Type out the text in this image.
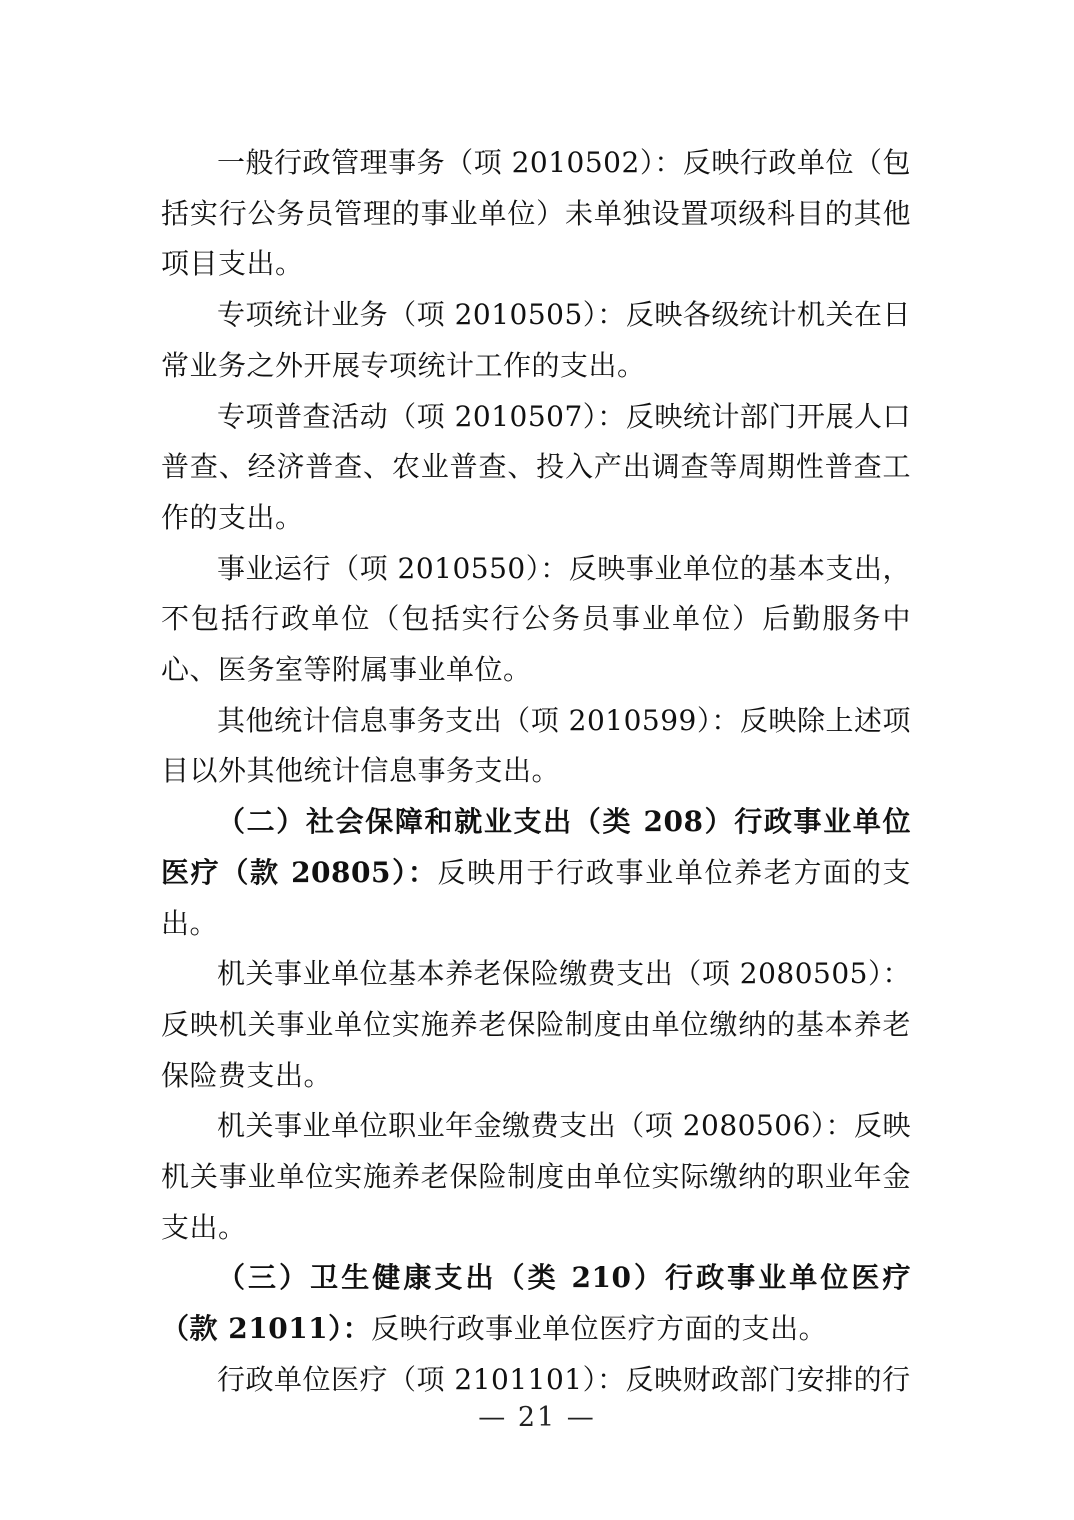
一般行政管理事务（项 2010502）：反映行政单位（包括实行公务员管理的事业单位）未单独设置项级科目的其他项目支出。

专项统计业务（项 2010505）：反映各级统计机关在日常业务之外开展专项统计工作的支出。

专项普查活动（项 2010507）：反映统计部门开展人口普查、经济普查、农业普查、投入产出调查等周期性普查工作的支出。

事业运行（项 2010550）：反映事业单位的基本支出，不包括行政单位（包括实行公务员事业单位）后勤服务中心、医务室等附属事业单位。

其他统计信息事务支出（项 2010599）：反映除上述项目以外其他统计信息事务支出。

（二）社会保障和就业支出（类 208）行政事业单位医疗（款 20805）：反映用于行政事业单位养老方面的支出。

机关事业单位基本养老保险缴费支出（项 2080505）：反映机关事业单位实施养老保险制度由单位缴纳的基本养老保险费支出。

机关事业单位职业年金缴费支出（项 2080506）：反映机关事业单位实施养老保险制度由单位实际缴纳的职业年金支出。

（三）卫生健康支出（类 210）行政事业单位医疗（款 21011）：反映行政事业单位医疗方面的支出。

行政单位医疗（项 2101101）：反映财政部门安排的行

— 21 —
